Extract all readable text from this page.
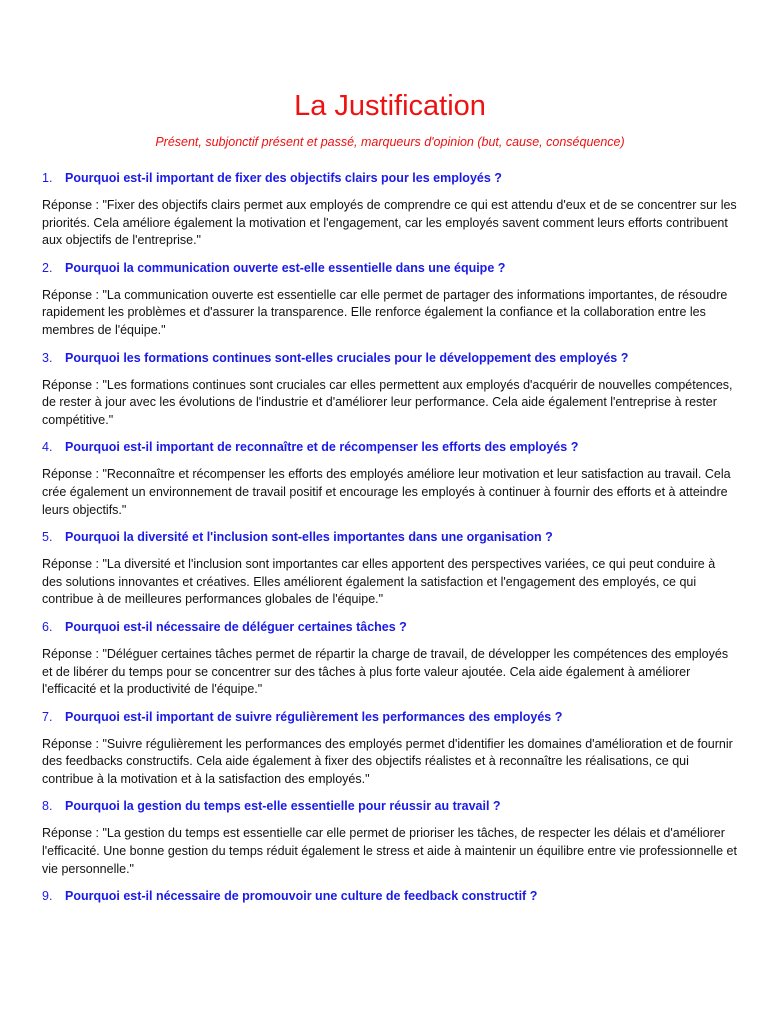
La Justification

Présent, subjonctif présent et passé, marqueurs d'opinion (but, cause, conséquence)

1.	Pourquoi est-il important de fixer des objectifs clairs pour les employés ?

Réponse : "Fixer des objectifs clairs permet aux employés de comprendre ce qui est attendu d'eux et de se concentrer sur les priorités. Cela améliore également la motivation et l'engagement, car les employés savent comment leurs efforts contribuent aux objectifs de l'entreprise."

2.	Pourquoi la communication ouverte est-elle essentielle dans une équipe ?

Réponse : "La communication ouverte est essentielle car elle permet de partager des informations importantes, de résoudre rapidement les problèmes et d'assurer la transparence. Elle renforce également la confiance et la collaboration entre les membres de l'équipe."

3.	Pourquoi les formations continues sont-elles cruciales pour le développement des employés ?

Réponse : "Les formations continues sont cruciales car elles permettent aux employés d'acquérir de nouvelles compétences, de rester à jour avec les évolutions de l'industrie et d'améliorer leur performance. Cela aide également l'entreprise à rester compétitive."

4.	Pourquoi est-il important de reconnaître et de récompenser les efforts des employés ?

Réponse : "Reconnaître et récompenser les efforts des employés améliore leur motivation et leur satisfaction au travail. Cela crée également un environnement de travail positif et encourage les employés à continuer à fournir des efforts et à atteindre leurs objectifs."

5.	Pourquoi la diversité et l'inclusion sont-elles importantes dans une organisation ?

Réponse : "La diversité et l'inclusion sont importantes car elles apportent des perspectives variées, ce qui peut conduire à des solutions innovantes et créatives. Elles améliorent également la satisfaction et l'engagement des employés, ce qui contribue à de meilleures performances globales de l'équipe."

6.	Pourquoi est-il nécessaire de déléguer certaines tâches ?

Réponse : "Déléguer certaines tâches permet de répartir la charge de travail, de développer les compétences des employés et de libérer du temps pour se concentrer sur des tâches à plus forte valeur ajoutée. Cela aide également à améliorer l'efficacité et la productivité de l'équipe."

7.	Pourquoi est-il important de suivre régulièrement les performances des employés ?

Réponse : "Suivre régulièrement les performances des employés permet d'identifier les domaines d'amélioration et de fournir des feedbacks constructifs. Cela aide également à fixer des objectifs réalistes et à reconnaître les réalisations, ce qui contribue à la motivation et à la satisfaction des employés."

8.	Pourquoi la gestion du temps est-elle essentielle pour réussir au travail ?

Réponse : "La gestion du temps est essentielle car elle permet de prioriser les tâches, de respecter les délais et d'améliorer l'efficacité. Une bonne gestion du temps réduit également le stress et aide à maintenir un équilibre entre vie professionnelle et vie personnelle."

9.	Pourquoi est-il nécessaire de promouvoir une culture de feedback constructif ?
